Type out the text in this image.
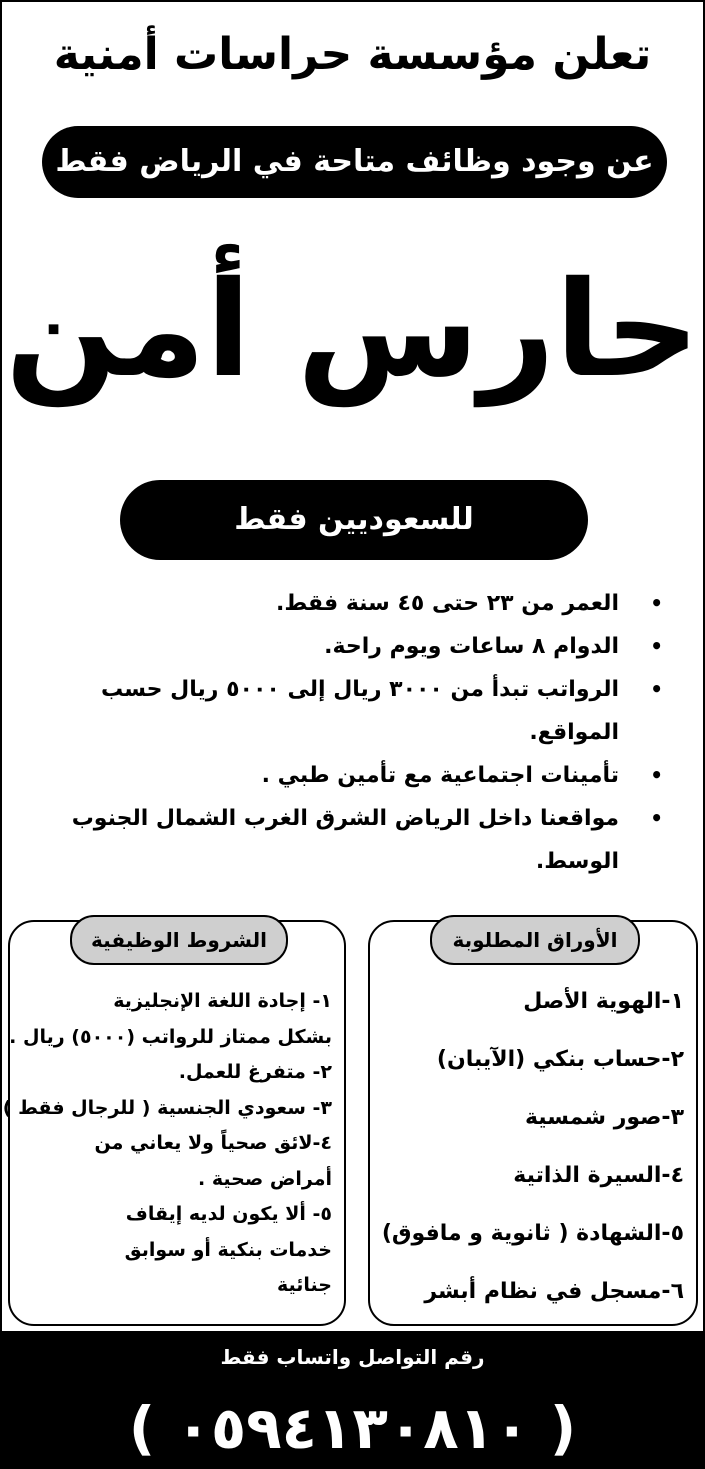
تعلن مؤسسة حراسات أمنية
عن وجود وظائف متاحة في الرياض فقط
حارس أمن
للسعوديين فقط
• العمر من ٢٣ حتى ٤٥ سنة فقط.
• الدوام ٨ ساعات ويوم راحة.
• الرواتب تبدأ من ٣٠٠٠ ريال إلى ٥٠٠٠ ريال حسب المواقع.
• تأمينات اجتماعية مع تأمين طبي .
• مواقعنا داخل الرياض الشرق الغرب الشمال الجنوب الوسط.
الشروط الوظيفية
١- إجادة اللغة الإنجليزية
بشكل ممتاز للرواتب (٥٠٠٠) ريال .
٢- متفرغ للعمل.
٣- سعودي الجنسية ( للرجال فقط )
٤-لائق صحياً ولا يعاني من
أمراض صحية .
٥- ألا يكون لديه إيقاف
خدمات بنكية أو سوابق
جنائية
الأوراق المطلوبة
١-الهوية الأصل
٢-حساب بنكي (الآيبان)
٣-صور شمسية
٤-السيرة الذاتية
٥-الشهادة ( ثانوية و مافوق)
٦-مسجل في نظام أبشر
رقم التواصل واتساب فقط
( ٠٥٩٤١٣٠٨١٠ )
